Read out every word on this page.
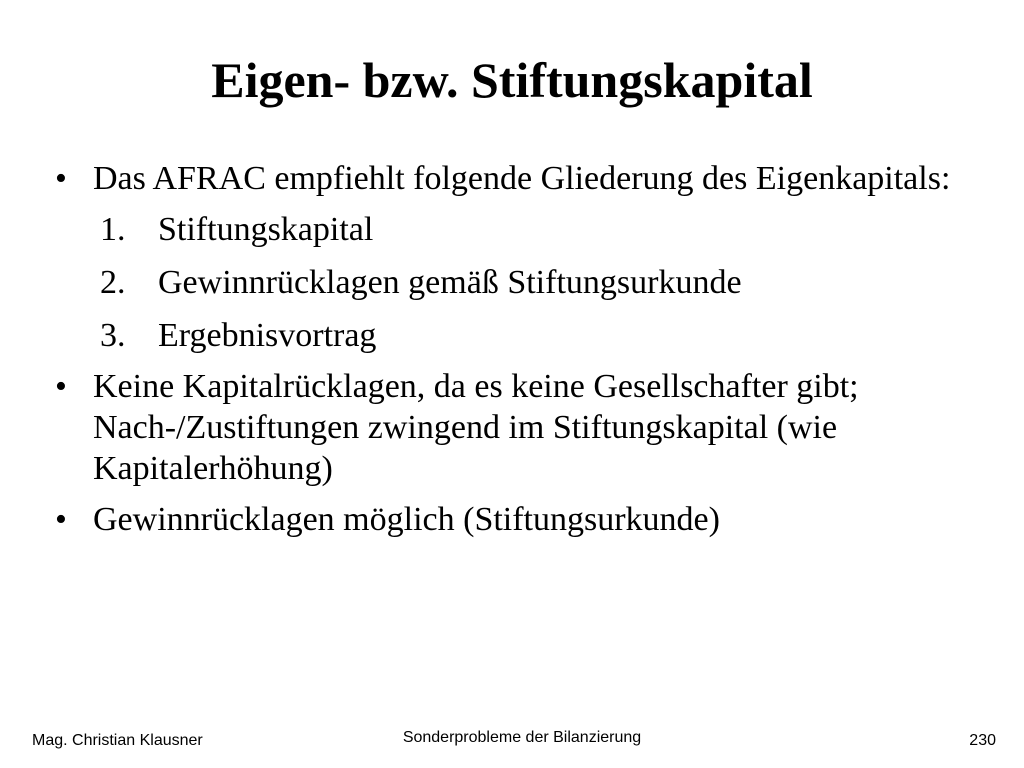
Eigen- bzw. Stiftungskapital
• Das AFRAC empfiehlt folgende Gliederung des Eigenkapitals:
1. Stiftungskapital
2. Gewinnrücklagen gemäß Stiftungsurkunde
3. Ergebnisvortrag
• Keine Kapitalrücklagen, da es keine Gesellschafter gibt; Nach-/Zustiftungen zwingend im Stiftungskapital (wie Kapitalerhöhung)
• Gewinnrücklagen möglich (Stiftungsurkunde)
Mag. Christian Klausner	Sonderprobleme der Bilanzierung	230
